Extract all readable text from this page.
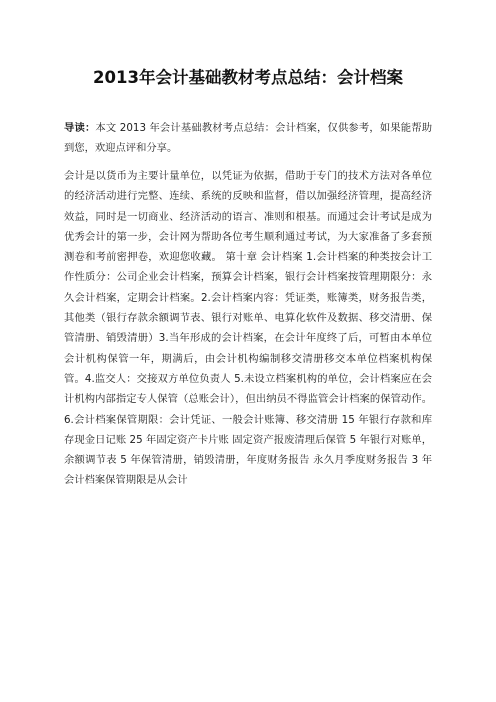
2013年会计基础教材考点总结：会计档案

导读：本文 2013 年会计基础教材考点总结：会计档案，仅供参考，如果能帮助到您，欢迎点评和分享。

会计是以货币为主要计量单位，以凭证为依据，借助于专门的技术方法对各单位的经济活动进行完整、连续、系统的反映和监督，借以加强经济管理，提高经济效益，同时是一切商业、经济活动的语言、准则和根基。而通过会计考试是成为优秀会计的第一步，会计网为帮助各位考生顺利通过考试，为大家准备了多套预测卷和考前密押卷，欢迎您收藏。 第十章 会计档案 1.会计档案的种类按会计工作性质分：公司企业会计档案，预算会计档案，银行会计档案按管理期限分：永久会计档案，定期会计档案。2.会计档案内容：凭证类，账簿类，财务报告类，其他类（银行存款余额调节表、银行对账单、电算化软件及数据、移交清册、保管清册、销毁清册）3.当年形成的会计档案，在会计年度终了后，可暂由本单位会计机构保管一年，期满后，由会计机构编制移交清册移交本单位档案机构保管。4.监交人：交接双方单位负责人 5.未设立档案机构的单位，会计档案应在会计机构内部指定专人保管（总账会计），但出纳员不得监管会计档案的保管动作。6.会计档案保管期限：会计凭证、一般会计账簿、移交清册 15 年银行存款和库存现金日记账 25 年固定资产卡片账 固定资产报废清理后保管 5 年银行对账单，余额调节表 5 年保管清册，销毁清册，年度财务报告 永久月季度财务报告 3 年会计档案保管期限是从会计
